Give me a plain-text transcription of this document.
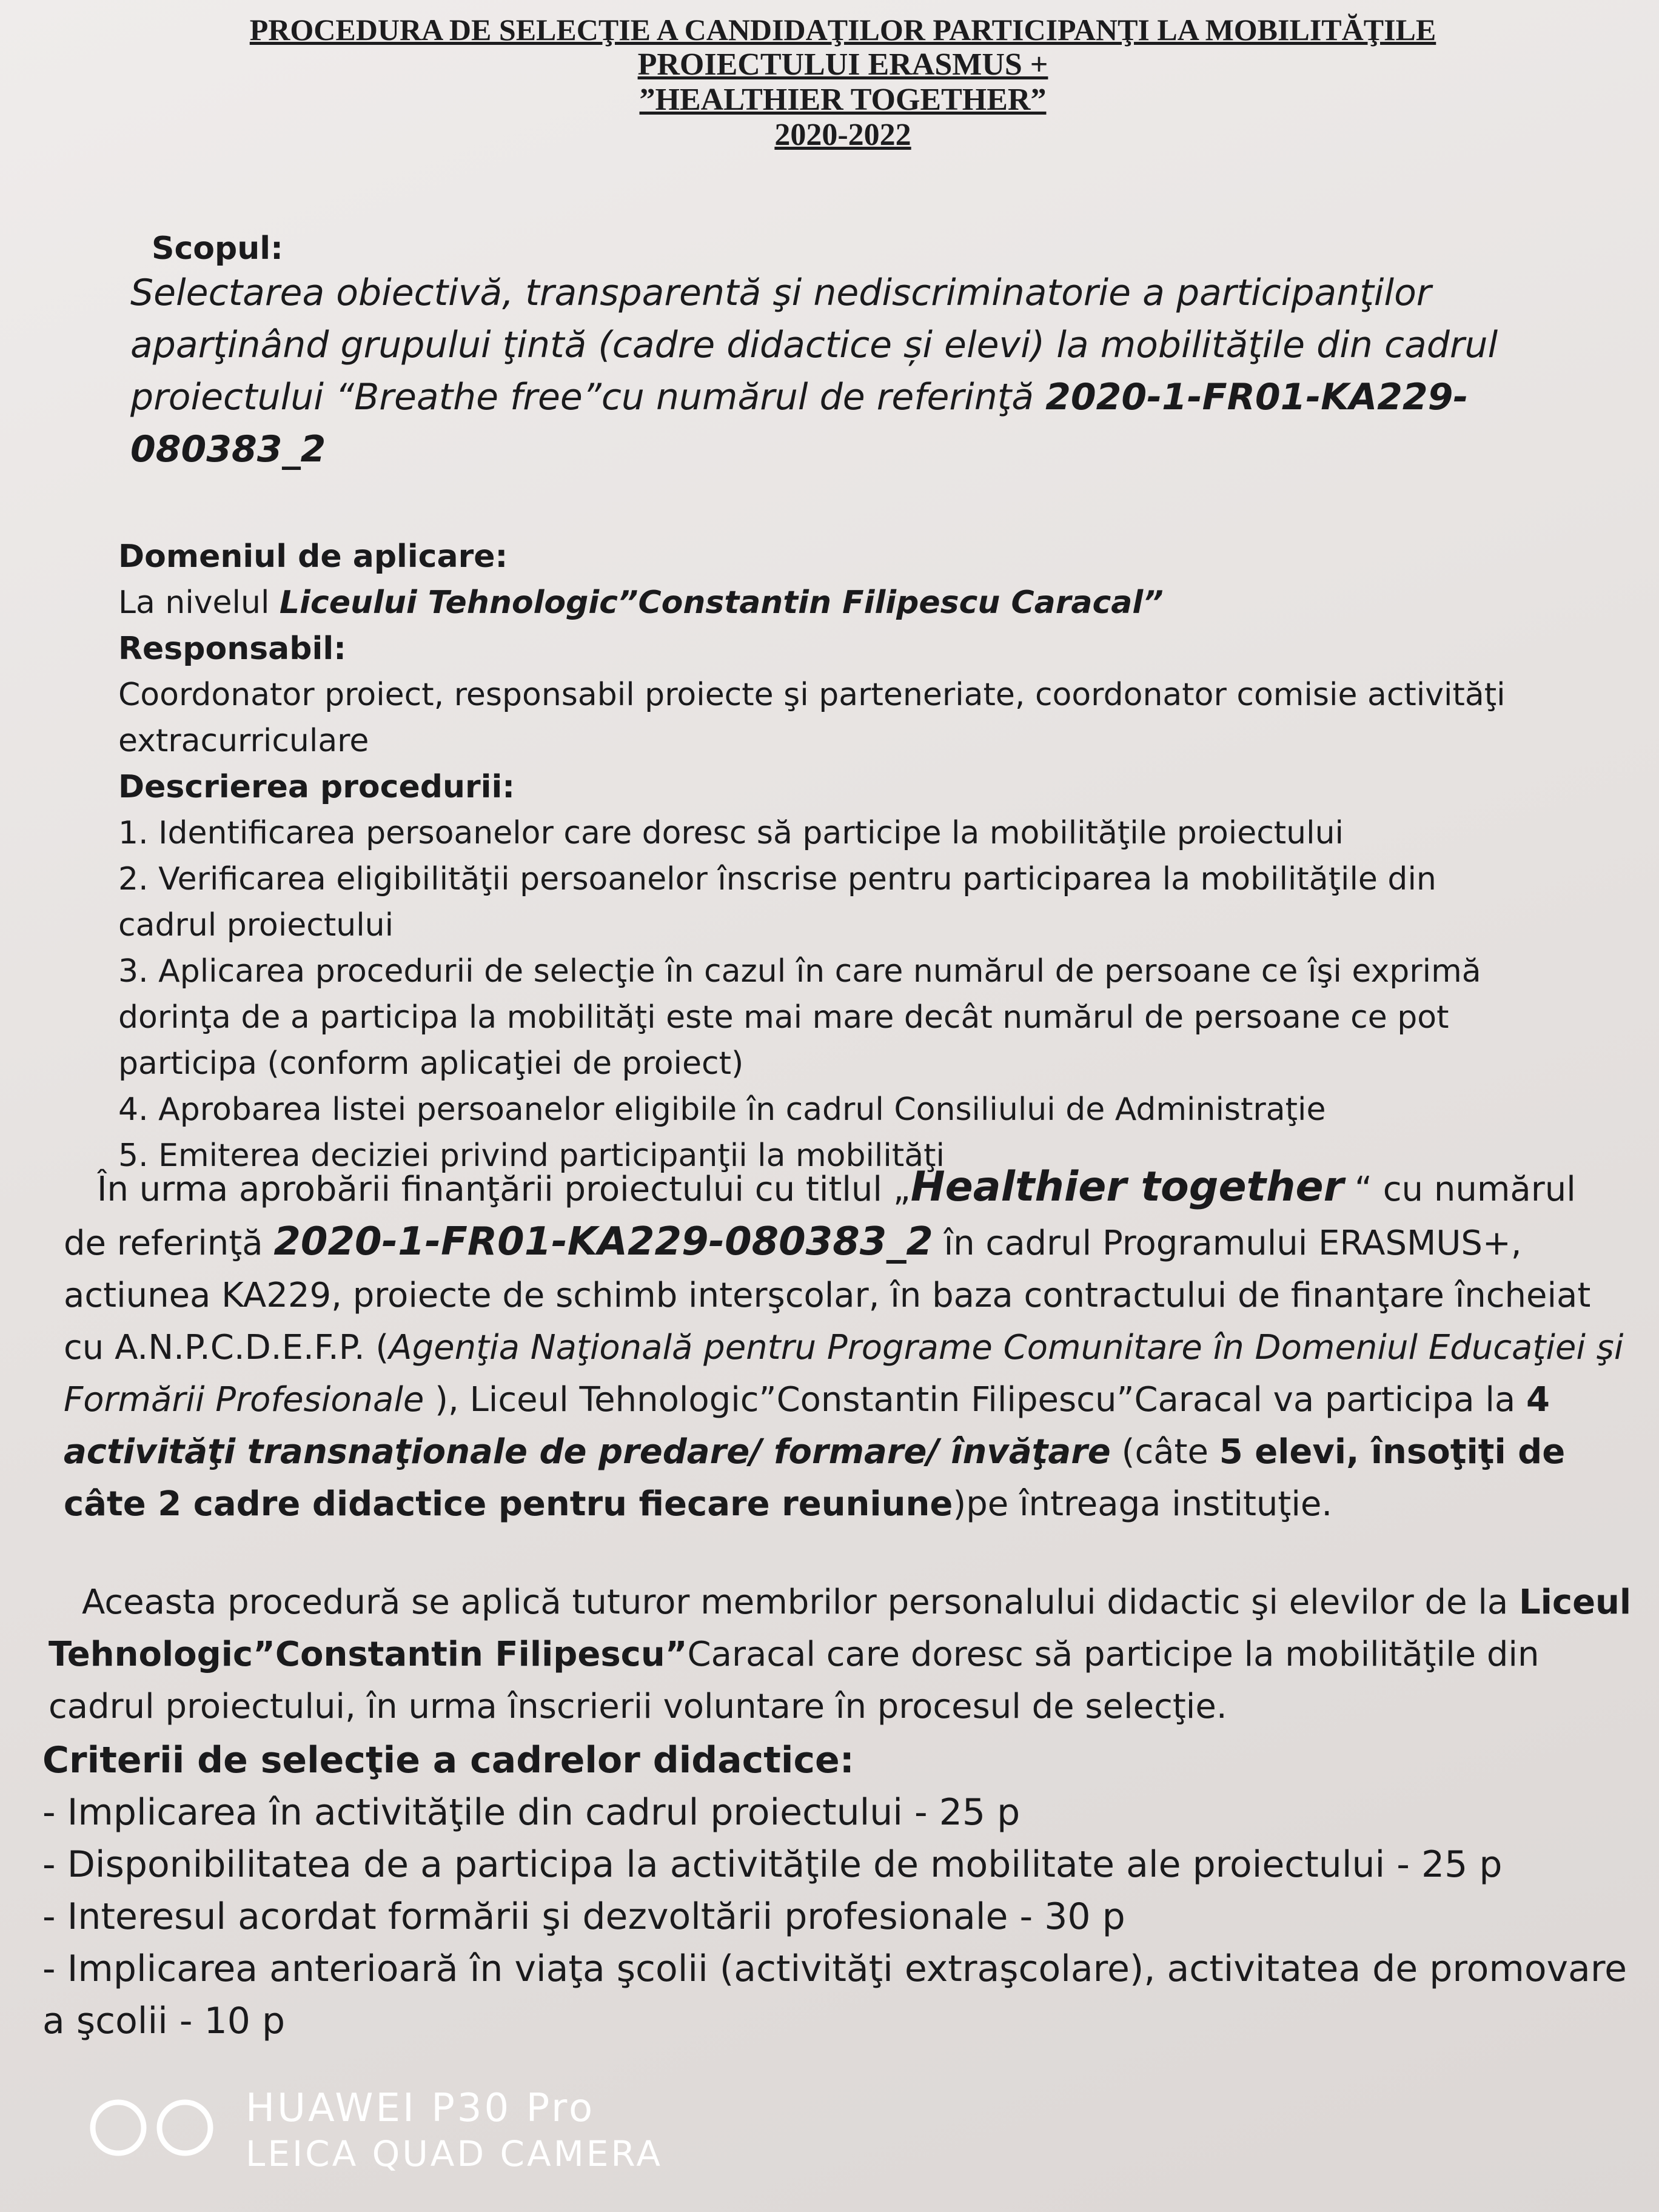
PROCEDURA DE SELECŢIE A CANDIDAŢILOR PARTICIPANŢI LA MOBILITĂŢILE
PROIECTULUI ERASMUS +
”HEALTHIER TOGETHER”
2020-2022
Scopul:
Selectarea obiectivă, transparentă şi nediscriminatorie a participanţilor aparţinând grupului ţintă (cadre didactice și elevi) la mobilităţile din cadrul proiectului “Breathe free”cu numărul de referinţă 2020-1-FR01-KA229-080383_2
Domeniul de aplicare:
La nivelul Liceului Tehnologic”Constantin Filipescu Caracal”
Responsabil:
Coordonator proiect, responsabil proiecte şi parteneriate, coordonator comisie activităţi extracurriculare
Descrierea procedurii:
1. Identificarea persoanelor care doresc să participe la mobilităţile proiectului
2. Verificarea eligibilităţii persoanelor înscrise pentru participarea la mobilităţile din cadrul proiectului
3. Aplicarea procedurii de selecţie în cazul în care numărul de persoane ce îşi exprimă dorinţa de a participa la mobilităţi este mai mare decât numărul de persoane ce pot participa (conform aplicaţiei de proiect)
4. Aprobarea listei persoanelor eligibile în cadrul Consiliului de Administraţie
5. Emiterea deciziei privind participanţii la mobilităţi
În urma aprobării finanţării proiectului cu titlul „Healthier together “ cu numărul de referinţă 2020-1-FR01-KA229-080383_2 în cadrul Programului ERASMUS+, actiunea KA229, proiecte de schimb interşcolar, în baza contractului de finanţare încheiat cu A.N.P.C.D.E.F.P. (Agenţia Naţională pentru Programe Comunitare în Domeniul Educaţiei şi Formării Profesionale ), Liceul Tehnologic”Constantin Filipescu”Caracal va participa la 4 activităţi transnaţionale de predare/ formare/ învăţare (câte 5 elevi, însoţiţi de câte 2 cadre didactice pentru fiecare reuniune)pe întreaga instituţie.
Aceasta procedură se aplică tuturor membrilor personalului didactic şi elevilor de la Liceul Tehnologic”Constantin Filipescu”Caracal care doresc să participe la mobilităţile din cadrul proiectului, în urma înscrierii voluntare în procesul de selecţie.
Criterii de selecţie a cadrelor didactice:
- Implicarea în activităţile din cadrul proiectului - 25 p
- Disponibilitatea de a participa la activităţile de mobilitate ale proiectului - 25 p
- Interesul acordat formării şi dezvoltării profesionale - 30 p
- Implicarea anterioară în viaţa şcolii (activităţi extraşcolare), activitatea de promovare a şcolii - 10 p
HUAWEI P30 Pro
LEICA QUAD CAMERA
